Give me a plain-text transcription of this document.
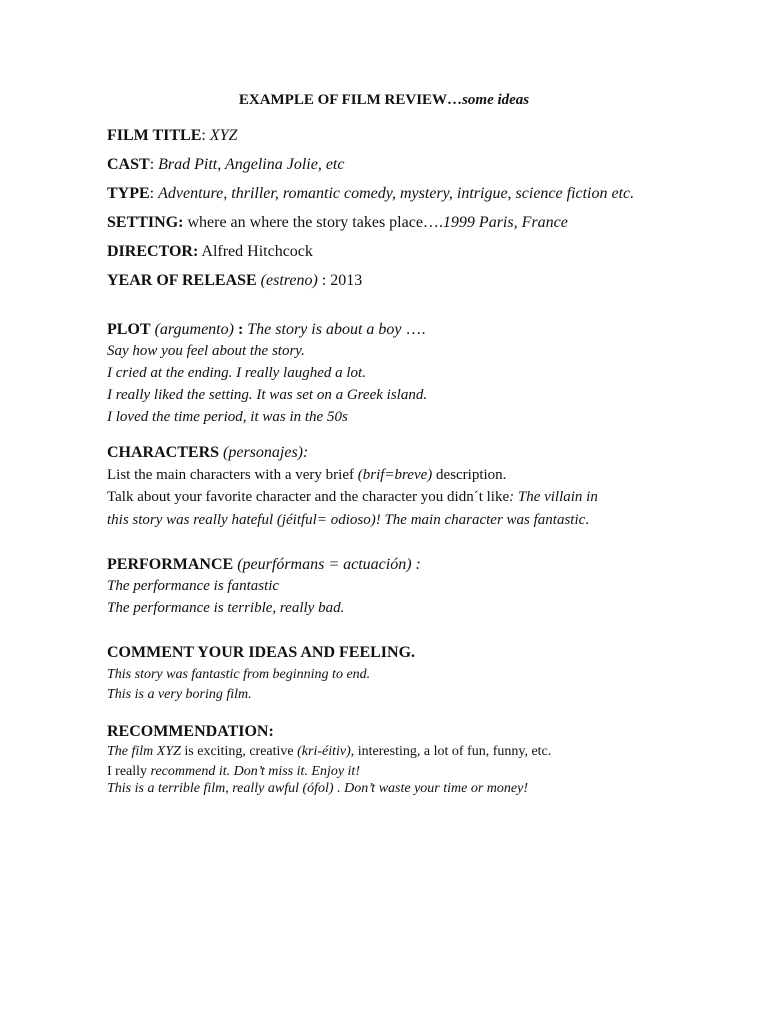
EXAMPLE OF FILM REVIEW…some ideas
FILM TITLE: XYZ
CAST: Brad Pitt, Angelina Jolie, etc
TYPE: Adventure, thriller, romantic comedy, mystery, intrigue, science fiction etc.
SETTING: where an where the story takes place….1999 Paris, France
DIRECTOR: Alfred Hitchcock
YEAR OF RELEASE (estreno) : 2013
PLOT (argumento) : The story is about a boy ….
Say how you feel about the story.
I cried at the ending. I really laughed a lot.
I really liked the setting. It was set on a Greek island.
I loved the time period, it was in the 50s
CHARACTERS (personajes):
List the main characters with a very brief (brif=breve) description.
Talk about your favorite character and the character you didn´t like: The villain in
this story was really hateful (jéitful= odioso)! The main character was fantastic.
PERFORMANCE (peurfórmans = actuación) :
The performance is fantastic
The performance is terrible, really bad.
COMMENT YOUR IDEAS AND FEELING.
This story was fantastic from beginning to end.
This is a very boring film.
RECOMMENDATION:
The film XYZ is exciting, creative (kri-éitiv), interesting, a lot of fun, funny, etc.
I really recommend it. Don’t miss it. Enjoy it!
This is a terrible film, really awful (ófol) . Don’t waste your time or money!
